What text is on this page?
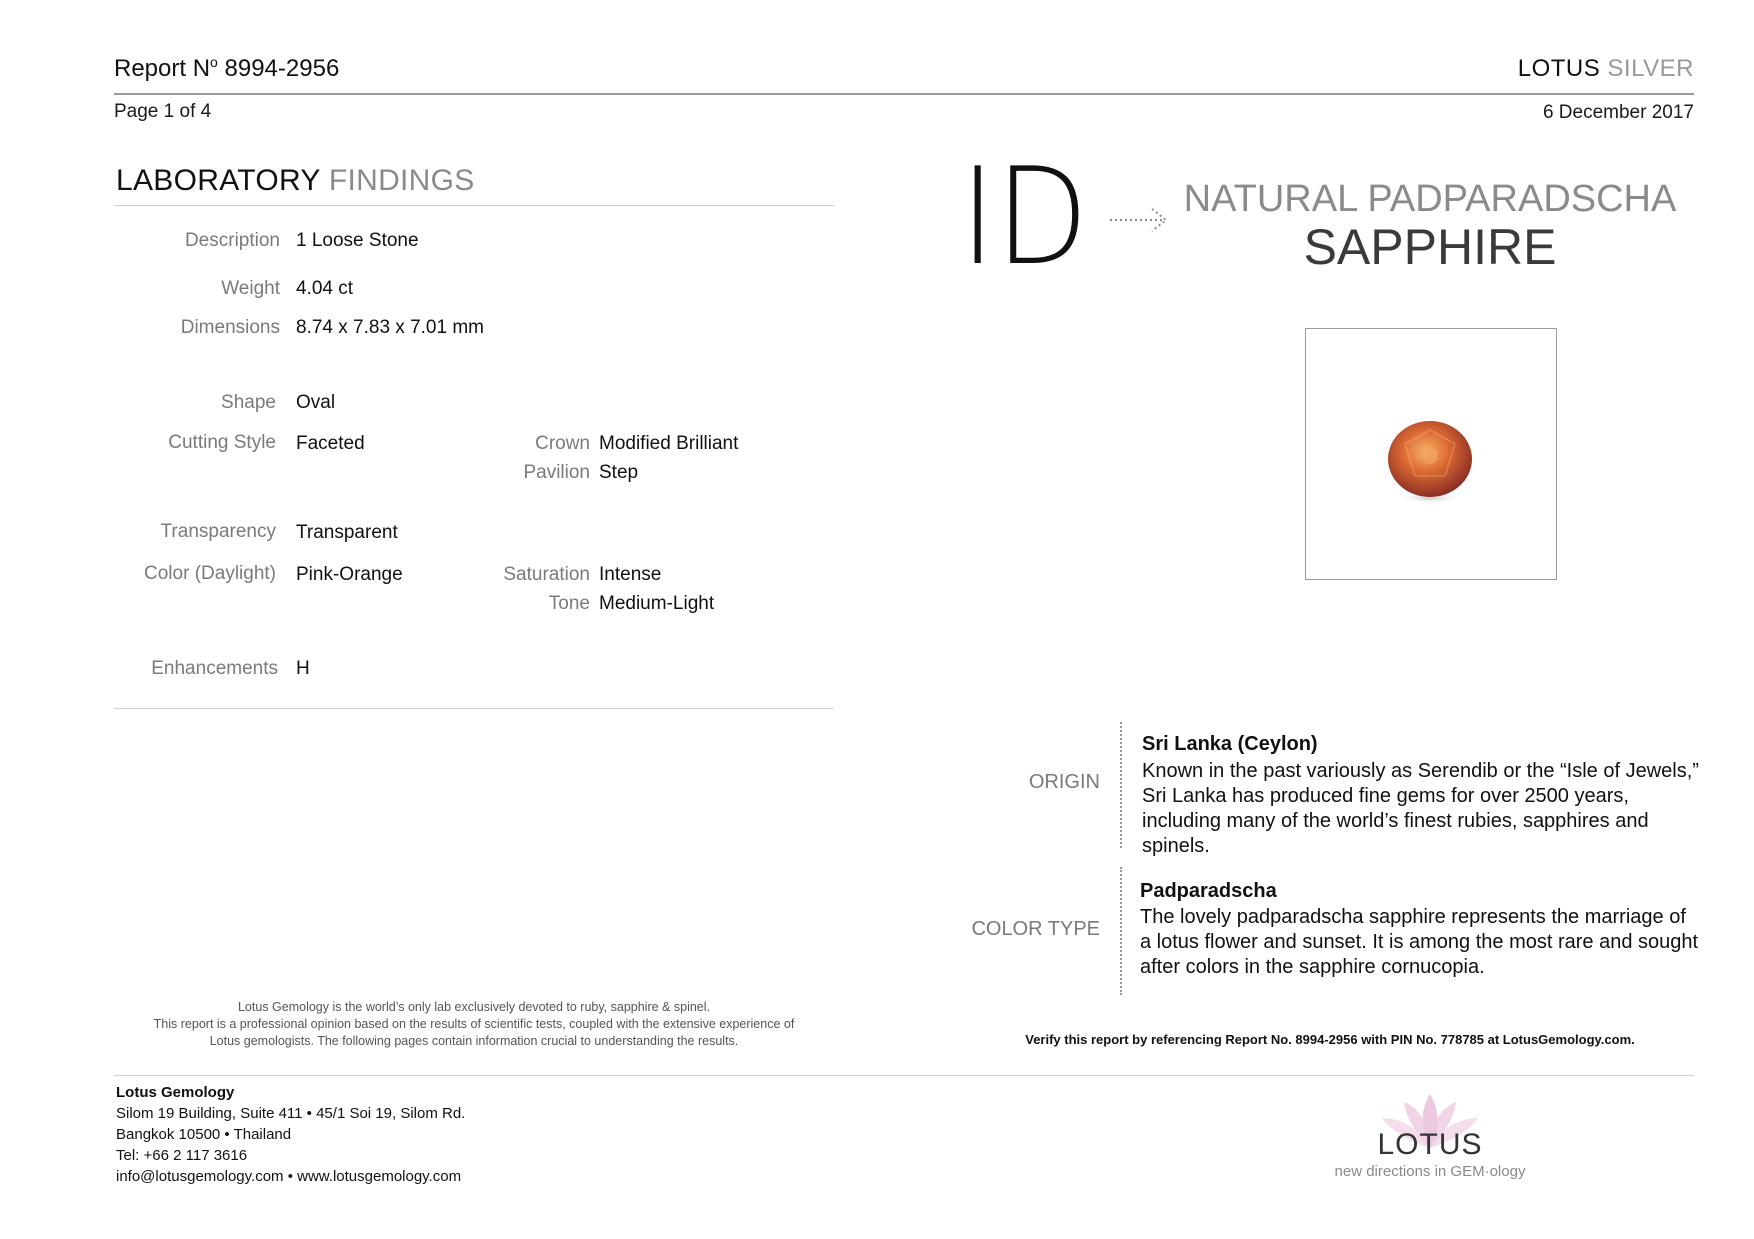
Report $N^o$ 8994-2956	LOTUS SILVER
Page 1 of 4	6 December 2017
LABORATORY FINDINGS
Description 1 Loose Stone
Weight 4.04 ct
Dimensions 8.74 x 7.83 x 7.01 mm
Shape Oval
Cutting Style Faceted	Crown Modified Brilliant
Pavilion Step
Transparency Transparent
Color (Daylight) Pink-Orange	Saturation Intense
Tone Medium-Light
Enhancements H
ID	NATURAL PADPARADSCHA
SAPPHIRE
ORIGIN
Sri Lanka (Ceylon)
Known in the past variously as Serendib or the “Isle of Jewels,” Sri Lanka has produced fine gems for over 2500 years, including many of the world’s finest rubies, sapphires and spinels.
COLOR TYPE
Padparadscha
The lovely padparadscha sapphire represents the marriage of a lotus flower and sunset. It is among the most rare and sought after colors in the sapphire cornucopia.
Lotus Gemology is the world’s only lab exclusively devoted to ruby, sapphire & spinel.
This report is a professional opinion based on the results of scientific tests, coupled with the extensive experience of
Lotus gemologists. The following pages contain information crucial to understanding the results.	Verify this report by referencing Report No. 8994-2956 with PIN No. 778785 at LotusGemology.com.
Lotus Gemology
Silom 19 Building, Suite 411 • 45/1 Soi 19, Silom Rd.
Bangkok 10500 • Thailand
Tel: +66 2 117 3616
info@lotusgemology.com • www.lotusgemology.com
LOTUS
new directions in GEM·ology
